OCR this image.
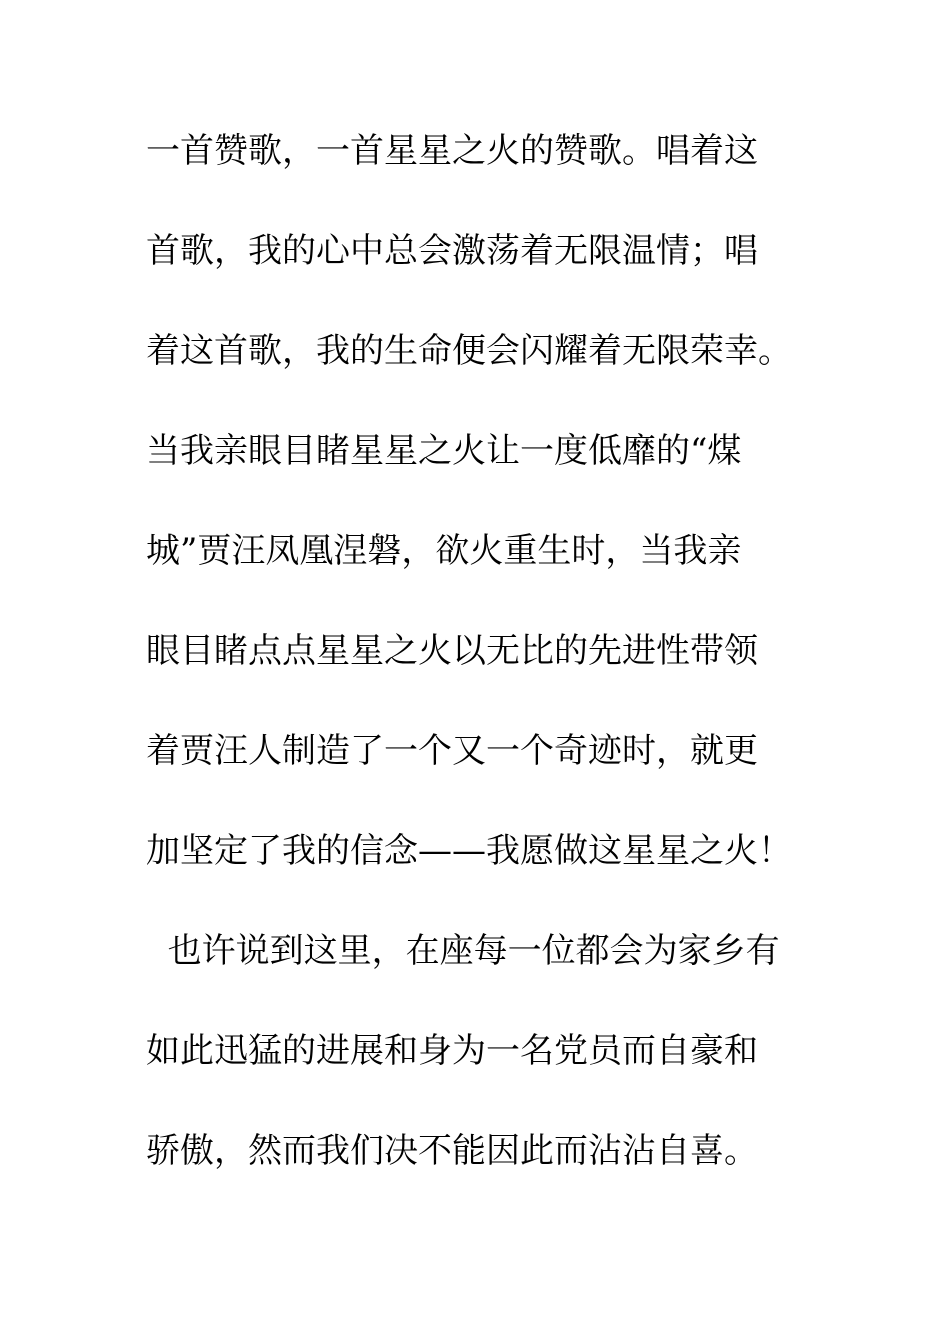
一首赞歌，一首星星之火的赞歌。唱着这
首歌，我的心中总会激荡着无限温情；唱
着这首歌，我的生命便会闪耀着无限荣幸。
当我亲眼目睹星星之火让一度低靡的“煤
城”贾汪凤凰涅磐，欲火重生时，当我亲
眼目睹点点星星之火以无比的先进性带领
着贾汪人制造了一个又一个奇迹时，就更
加坚定了我的信念——我愿做这星星之火！
也许说到这里，在座每一位都会为家乡有
如此迅猛的进展和身为一名党员而自豪和
骄傲，然而我们决不能因此而沾沾自喜。
